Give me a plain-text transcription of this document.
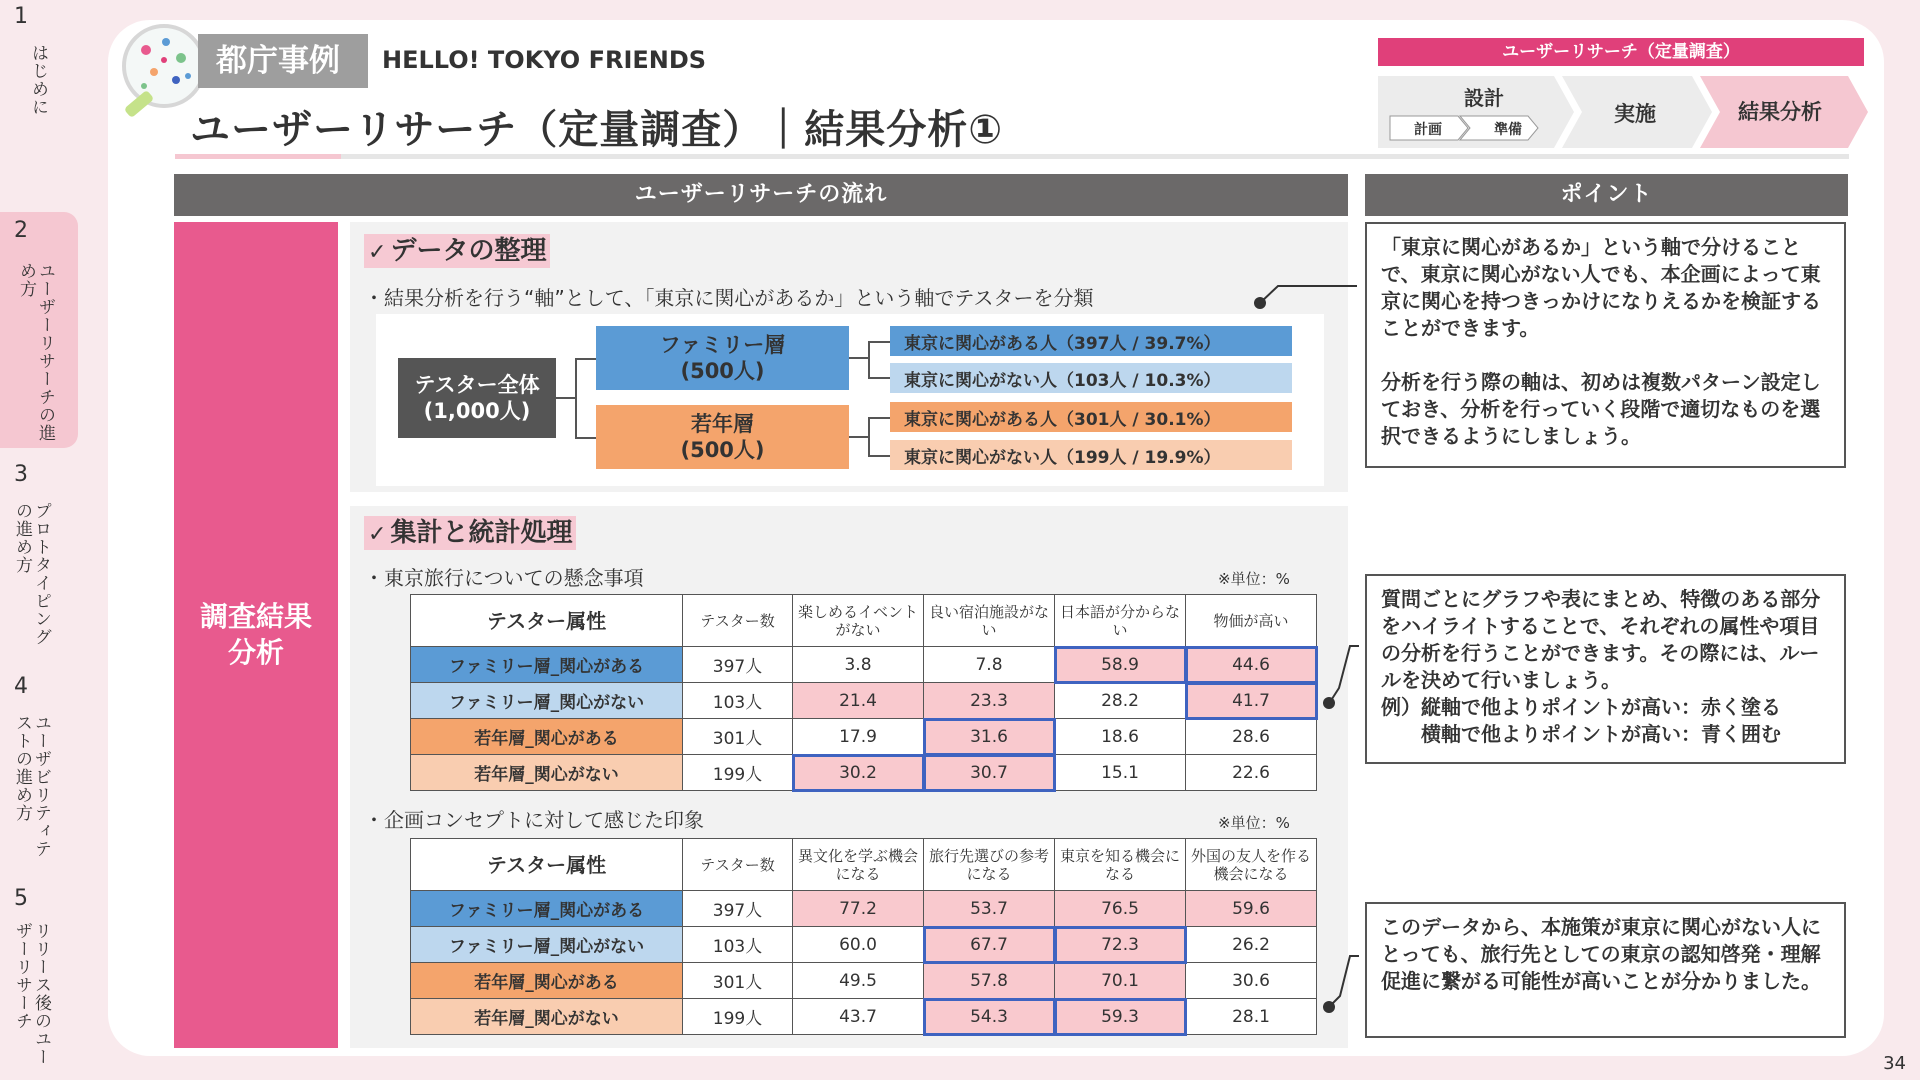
1
はじめに
2
ユーザーリサーチの進め方
3
プロトタイピングの進め方
4
ユーザビリティテストの進め方
5
リリース後のユーザーリサーチ
都庁事例	HELLO! TOKYO FRIENDS
ユーザーリサーチ（定量調査）｜結果分析①
ユーザーリサーチ（定量調査）
設計
計画	準備
実施	結果分析
ユーザーリサーチの流れ	ポイント
調査結果
分析
✓ データの整理
・結果分析を行う“軸”として、「東京に関心があるか」という軸でテスターを分類
テスター全体
(1,000人)
ファミリー層
(500人)
若年層
(500人)
東京に関心がある人（397人 / 39.7%）
東京に関心がない人（103人 / 10.3%）
東京に関心がある人（301人 / 30.1%）
東京に関心がない人（199人 / 19.9%）
✓ 集計と統計処理
・東京旅行についての懸念事項	※単位：%
テスター属性	テスター数	楽しめるイベントがない	良い宿泊施設がない	日本語が分からない	物価が高い
ファミリー層_関心がある	397人	3.8	7.8	58.9	44.6
ファミリー層_関心がない	103人	21.4	23.3	28.2	41.7
若年層_関心がある	301人	17.9	31.6	18.6	28.6
若年層_関心がない	199人	30.2	30.7	15.1	22.6
・企画コンセプトに対して感じた印象	※単位：%
テスター属性	テスター数	異文化を学ぶ機会になる	旅行先選びの参考になる	東京を知る機会になる	外国の友人を作る機会になる
ファミリー層_関心がある	397人	77.2	53.7	76.5	59.6
ファミリー層_関心がない	103人	60.0	67.7	72.3	26.2
若年層_関心がある	301人	49.5	57.8	70.1	30.6
若年層_関心がない	199人	43.7	54.3	59.3	28.1
「東京に関心があるか」という軸で分けることで、東京に関心がない人でも、本企画によって東京に関心を持つきっかけになりえるかを検証することができます。

分析を行う際の軸は、初めは複数パターン設定しておき、分析を行っていく段階で適切なものを選択できるようにしましょう。
質問ごとにグラフや表にまとめ、特徴のある部分をハイライトすることで、それぞれの属性や項目の分析を行うことができます。その際には、ルールを決めて行いましょう。
例）縦軸で他よりポイントが高い：赤く塗る
　　横軸で他よりポイントが高い：青く囲む
このデータから、本施策が東京に関心がない人にとっても、旅行先としての東京の認知啓発・理解促進に繋がる可能性が高いことが分かりました。
34
